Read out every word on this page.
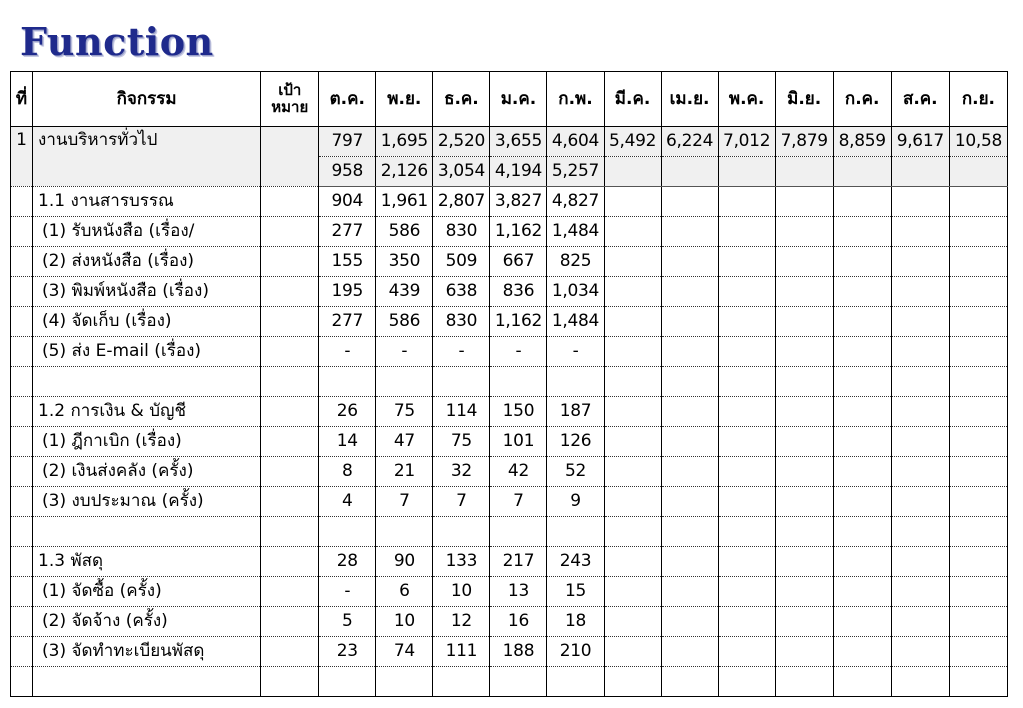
Function
ที่	กิจกรรม	เป้าหมาย	ต.ค.	พ.ย.	ธ.ค.	ม.ค.	ก.พ.	มี.ค.	เม.ย.	พ.ค.	มิ.ย.	ก.ค.	ส.ค.	ก.ย.
1	งานบริหารทั่วไป		797	1,695	2,520	3,655	4,604	5,492	6,224	7,012	7,879	8,859	9,617	10,58
			958	2,126	3,054	4,194	5,257							
	1.1 งานสารบรรณ		904	1,961	2,807	3,827	4,827							
	(1) รับหนังสือ (เรื่อง/		277	586	830	1,162	1,484							
	(2) ส่งหนังสือ (เรื่อง)		155	350	509	667	825							
	(3) พิมพ์หนังสือ (เรื่อง)		195	439	638	836	1,034							
	(4) จัดเก็บ (เรื่อง)		277	586	830	1,162	1,484							
	(5) ส่ง E-mail (เรื่อง)		-	-	-	-	-							

	1.2 การเงิน & บัญชี		26	75	114	150	187							
	(1) ฎีกาเบิก (เรื่อง)		14	47	75	101	126							
	(2) เงินส่งคลัง (ครั้ง)		8	21	32	42	52							
	(3) งบประมาณ (ครั้ง)		4	7	7	7	9							

	1.3 พัสดุ		28	90	133	217	243							
	(1) จัดซื้อ (ครั้ง)		-	6	10	13	15							
	(2) จัดจ้าง (ครั้ง)		5	10	12	16	18							
	(3) จัดทำทะเบียนพัสดุ		23	74	111	188	210							
